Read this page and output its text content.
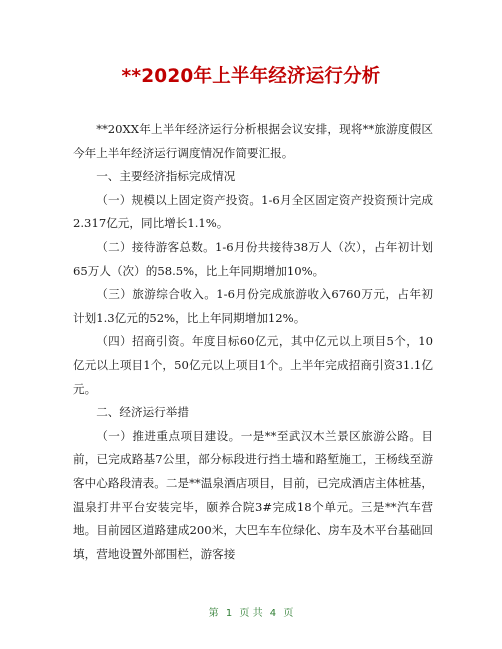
**2020年上半年经济运行分析

**20XX年上半年经济运行分析根据会议安排，现将**旅游度假区今年上半年经济运行调度情况作简要汇报。

一、主要经济指标完成情况

（一）规模以上固定资产投资。1-6月全区固定资产投资预计完成2.317亿元，同比增长1.1%。

（二）接待游客总数。1-6月份共接待38万人（次），占年初计划65万人（次）的58.5%，比上年同期增加10%。

（三）旅游综合收入。1-6月份完成旅游收入6760万元，占年初计划1.3亿元的52%，比上年同期增加12%。

（四）招商引资。年度目标60亿元，其中亿元以上项目5个，10亿元以上项目1个，50亿元以上项目1个。上半年完成招商引资31.1亿元。

二、经济运行举措

（一）推进重点项目建设。一是**至武汉木兰景区旅游公路。目前，已完成路基7公里，部分标段进行挡土墙和路堑施工，王杨线至游客中心路段清表。二是**温泉酒店项目，目前，已完成酒店主体桩基，温泉打井平台安装完毕，颐养合院3#完成18个单元。三是**汽车营地。目前园区道路建成200米，大巴车车位绿化、房车及木平台基础回填，营地设置外部围栏，游客接

第 1 页 共 4 页
